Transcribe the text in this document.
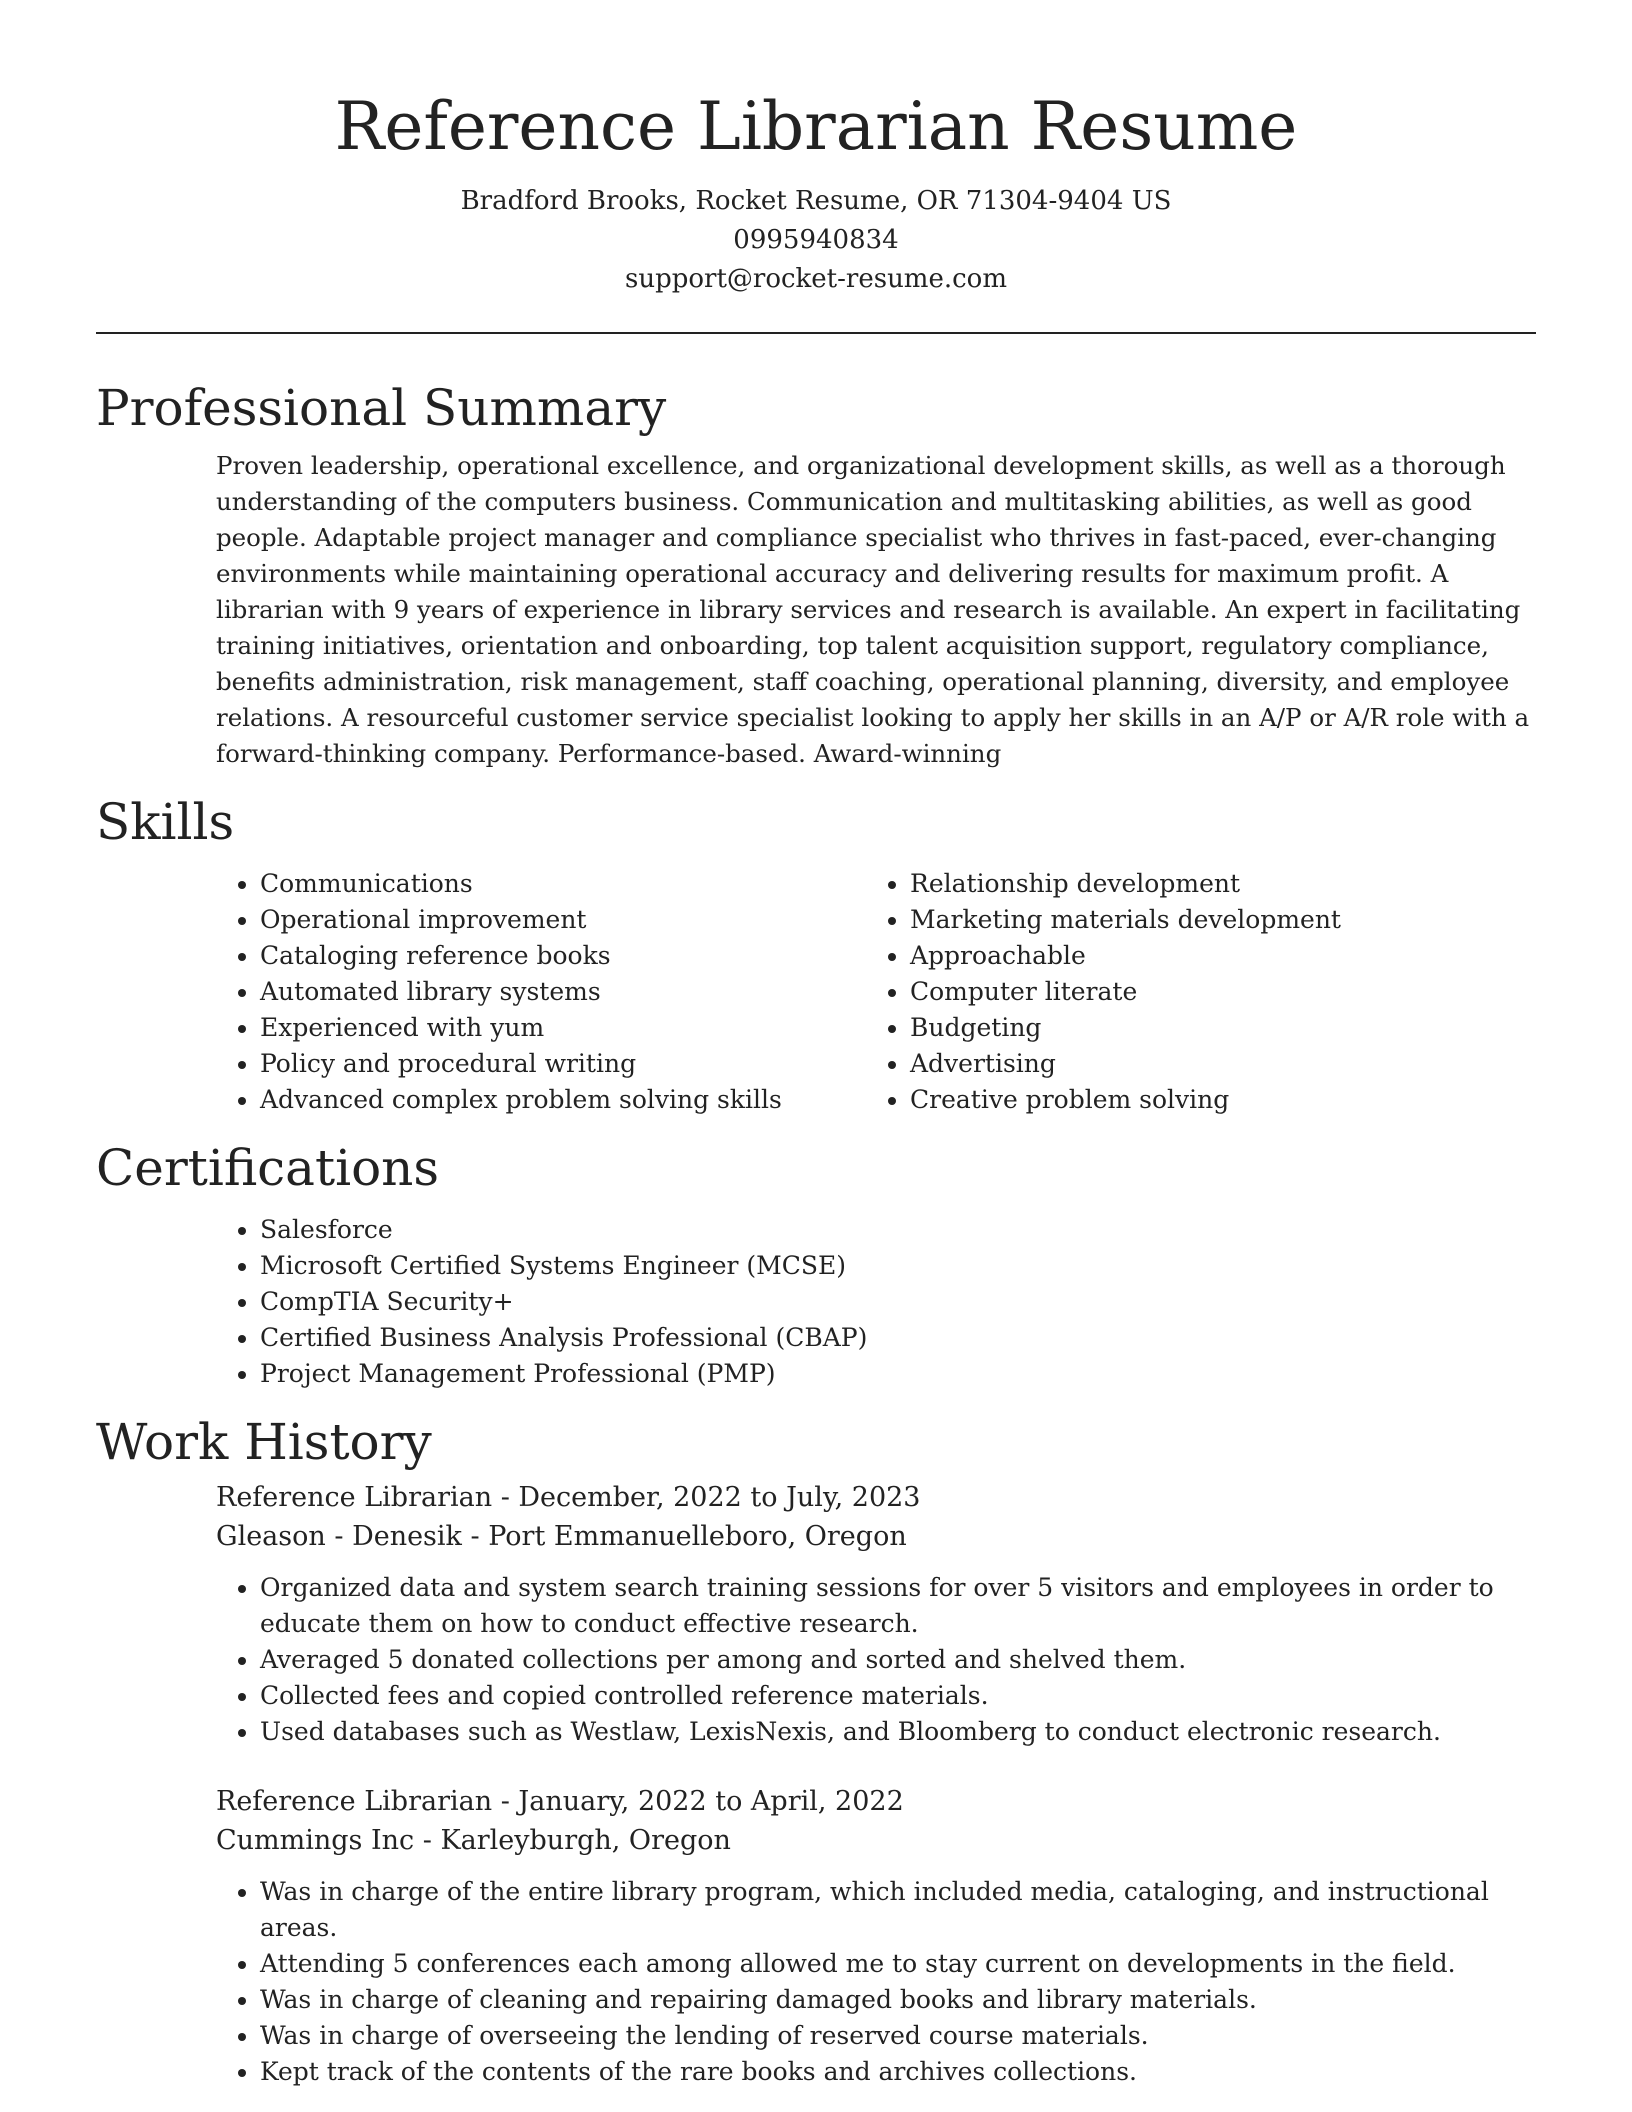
Reference Librarian Resume
Bradford Brooks, Rocket Resume, OR 71304-9404 US
0995940834
support@rocket-resume.com
Professional Summary

Proven leadership, operational excellence, and organizational development skills, as well as a thorough understanding of the computers business. Communication and multitasking abilities, as well as good people. Adaptable project manager and compliance specialist who thrives in fast-paced, ever-changing environments while maintaining operational accuracy and delivering results for maximum profit. A librarian with 9 years of experience in library services and research is available. An expert in facilitating training initiatives, orientation and onboarding, top talent acquisition support, regulatory compliance, benefits administration, risk management, staff coaching, operational planning, diversity, and employee relations. A resourceful customer service specialist looking to apply her skills in an A/P or A/R role with a forward-thinking company. Performance-based. Award-winning

Skills
• Communications
• Operational improvement
• Cataloging reference books
• Automated library systems
• Experienced with yum
• Policy and procedural writing
• Advanced complex problem solving skills
• Relationship development
• Marketing materials development
• Approachable
• Computer literate
• Budgeting
• Advertising
• Creative problem solving
Certifications
• Salesforce
• Microsoft Certified Systems Engineer (MCSE)
• CompTIA Security+
• Certified Business Analysis Professional (CBAP)
• Project Management Professional (PMP)
Work History
Reference Librarian - December, 2022 to July, 2023
Gleason - Denesik - Port Emmanuelleboro, Oregon
• Organized data and system search training sessions for over 5 visitors and employees in order to educate them on how to conduct effective research.
• Averaged 5 donated collections per among and sorted and shelved them.
• Collected fees and copied controlled reference materials.
• Used databases such as Westlaw, LexisNexis, and Bloomberg to conduct electronic research.
Reference Librarian - January, 2022 to April, 2022
Cummings Inc - Karleyburgh, Oregon
• Was in charge of the entire library program, which included media, cataloging, and instructional areas.
• Attending 5 conferences each among allowed me to stay current on developments in the field.
• Was in charge of cleaning and repairing damaged books and library materials.
• Was in charge of overseeing the lending of reserved course materials.
• Kept track of the contents of the rare books and archives collections.
